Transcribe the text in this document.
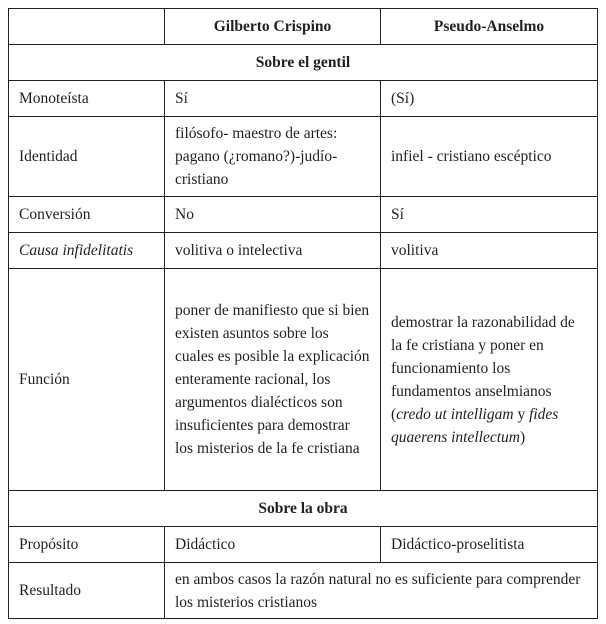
	Gilberto Crispino	Pseudo-Anselmo
Sobre el gentil		
Monoteísta	Sí	(Sí)
Identidad	filósofo- maestro de artes: pagano (¿romano?)-judío-cristiano	infiel - cristiano escéptico
Conversión	No	Sí
Causa infidelitatis	volitiva o intelectiva	volitiva
Función	poner de manifiesto que si bien existen asuntos sobre los cuales es posible la explicación enteramente racional, los argumentos dialécticos son insuficientes para demostrar los misterios de la fe cristiana	demostrar la razonabilidad de la fe cristiana y poner en funcionamiento los fundamentos anselmianos (credo ut intelligam y fides quaerens intellectum)
Sobre la obra		
Propósito	Didáctico	Didáctico-proselitista
Resultado	en ambos casos la razón natural no es suficiente para comprender los misterios cristianos	
